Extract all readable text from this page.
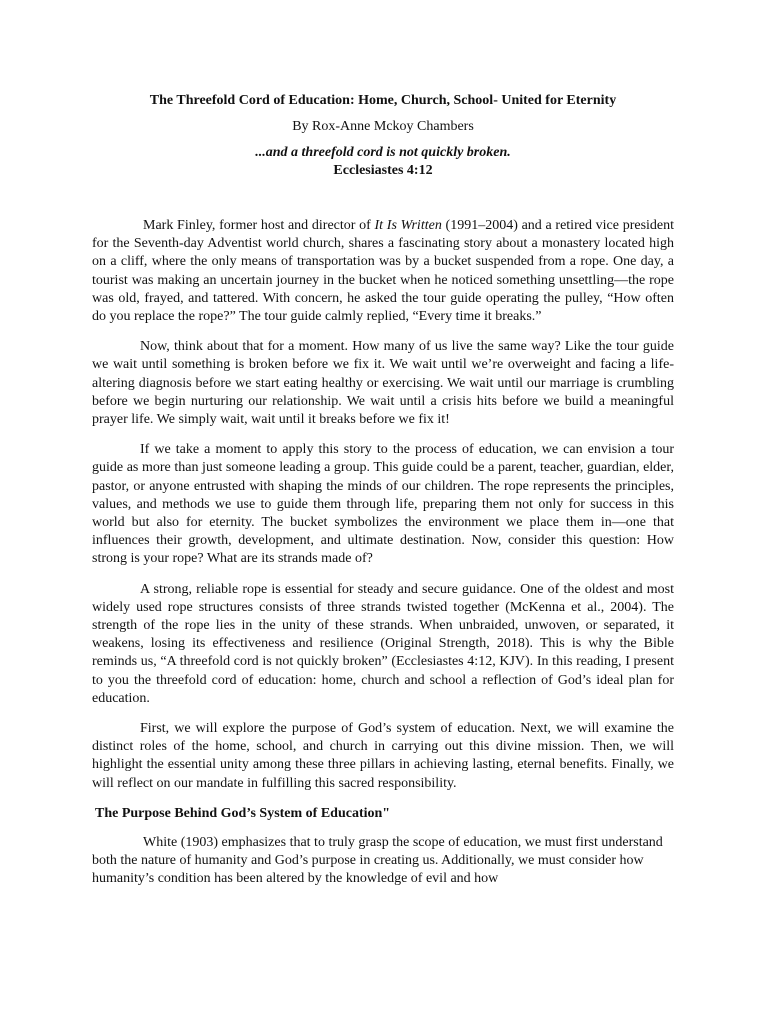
The Threefold Cord of Education: Home, Church, School- United for Eternity

By Rox-Anne Mckoy Chambers

...and a threefold cord is not quickly broken.
Ecclesiastes 4:12

Mark Finley, former host and director of It Is Written (1991–2004) and a retired vice president for the Seventh-day Adventist world church, shares a fascinating story about a monastery located high on a cliff, where the only means of transportation was by a bucket suspended from a rope. One day, a tourist was making an uncertain journey in the bucket when he noticed something unsettling—the rope was old, frayed, and tattered. With concern, he asked the tour guide operating the pulley, “How often do you replace the rope?” The tour guide calmly replied, “Every time it breaks.”

Now, think about that for a moment. How many of us live the same way? Like the tour guide we wait until something is broken before we fix it. We wait until we’re overweight and facing a life-altering diagnosis before we start eating healthy or exercising. We wait until our marriage is crumbling before we begin nurturing our relationship. We wait until a crisis hits before we build a meaningful prayer life. We simply wait, wait until it breaks before we fix it!

If we take a moment to apply this story to the process of education, we can envision a tour guide as more than just someone leading a group. This guide could be a parent, teacher, guardian, elder, pastor, or anyone entrusted with shaping the minds of our children. The rope represents the principles, values, and methods we use to guide them through life, preparing them not only for success in this world but also for eternity. The bucket symbolizes the environment we place them in—one that influences their growth, development, and ultimate destination. Now, consider this question: How strong is your rope? What are its strands made of?

A strong, reliable rope is essential for steady and secure guidance. One of the oldest and most widely used rope structures consists of three strands twisted together (McKenna et al., 2004). The strength of the rope lies in the unity of these strands. When unbraided, unwoven, or separated, it weakens, losing its effectiveness and resilience (Original Strength, 2018). This is why the Bible reminds us, “A threefold cord is not quickly broken” (Ecclesiastes 4:12, KJV). In this reading, I present to you the threefold cord of education: home, church and school a reflection of God’s ideal plan for education.

First, we will explore the purpose of God’s system of education. Next, we will examine the distinct roles of the home, school, and church in carrying out this divine mission. Then, we will highlight the essential unity among these three pillars in achieving lasting, eternal benefits. Finally, we will reflect on our mandate in fulfilling this sacred responsibility.

The Purpose Behind God’s System of Education"

White (1903) emphasizes that to truly grasp the scope of education, we must first understand both the nature of humanity and God’s purpose in creating us. Additionally, we must consider how humanity’s condition has been altered by the knowledge of evil and how
